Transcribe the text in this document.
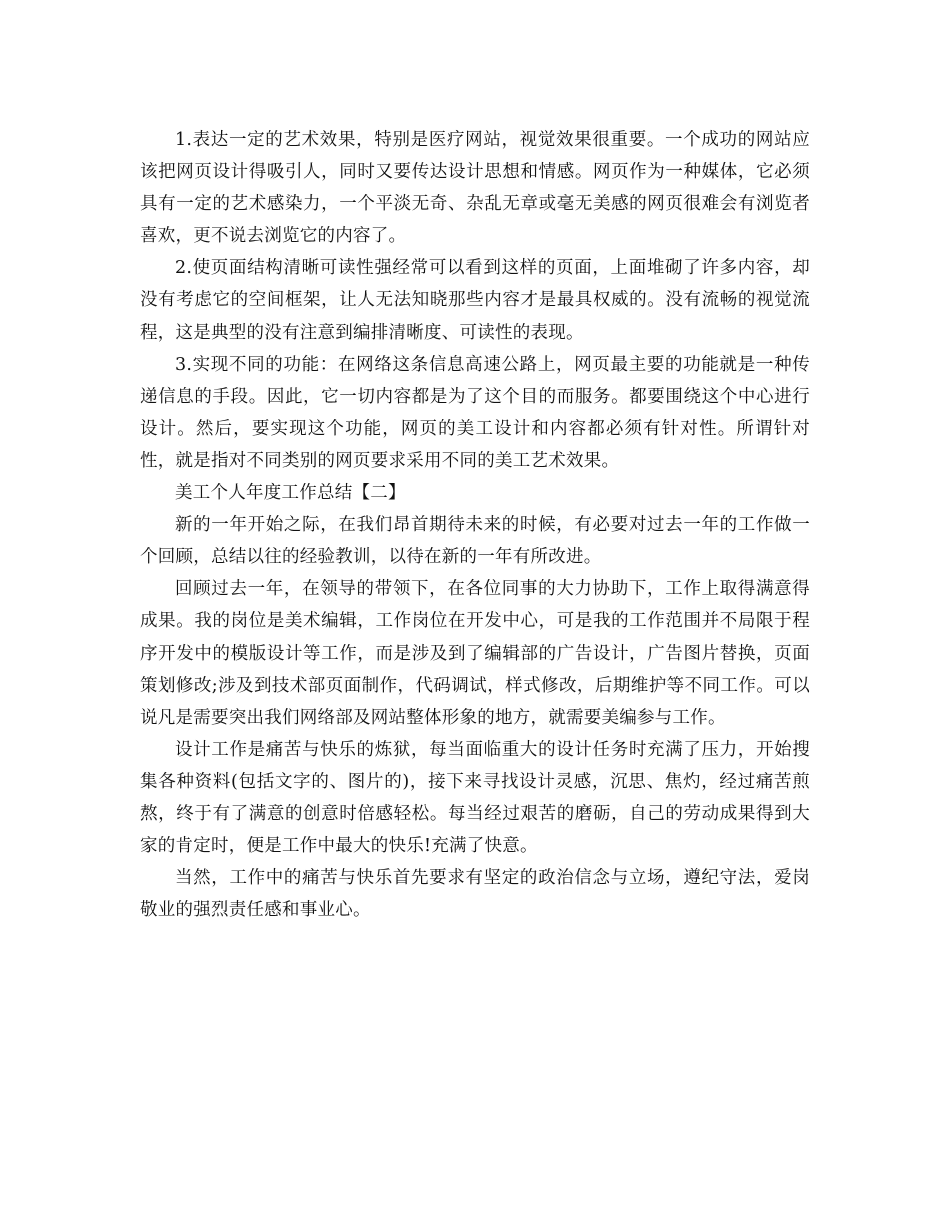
1.表达一定的艺术效果，特别是医疗网站，视觉效果很重要。一个成功的网站应该把网页设计得吸引人，同时又要传达设计思想和情感。网页作为一种媒体，它必须具有一定的艺术感染力，一个平淡无奇、杂乱无章或毫无美感的网页很难会有浏览者喜欢，更不说去浏览它的内容了。

2.使页面结构清晰可读性强经常可以看到这样的页面，上面堆砌了许多内容，却没有考虑它的空间框架，让人无法知晓那些内容才是最具权威的。没有流畅的视觉流程，这是典型的没有注意到编排清晰度、可读性的表现。

3.实现不同的功能：在网络这条信息高速公路上，网页最主要的功能就是一种传递信息的手段。因此，它一切内容都是为了这个目的而服务。都要围绕这个中心进行设计。然后，要实现这个功能，网页的美工设计和内容都必须有针对性。所谓针对性，就是指对不同类别的网页要求采用不同的美工艺术效果。

美工个人年度工作总结【二】

新的一年开始之际，在我们昂首期待未来的时候，有必要对过去一年的工作做一个回顾，总结以往的经验教训，以待在新的一年有所改进。

回顾过去一年，在领导的带领下，在各位同事的大力协助下，工作上取得满意得成果。我的岗位是美术编辑，工作岗位在开发中心，可是我的工作范围并不局限于程序开发中的模版设计等工作，而是涉及到了编辑部的广告设计，广告图片替换，页面策划修改;涉及到技术部页面制作，代码调试，样式修改，后期维护等不同工作。可以说凡是需要突出我们网络部及网站整体形象的地方，就需要美编参与工作。

设计工作是痛苦与快乐的炼狱，每当面临重大的设计任务时充满了压力，开始搜集各种资料(包括文字的、图片的)，接下来寻找设计灵感，沉思、焦灼，经过痛苦煎熬，终于有了满意的创意时倍感轻松。每当经过艰苦的磨砺，自己的劳动成果得到大家的肯定时，便是工作中最大的快乐!充满了快意。

当然，工作中的痛苦与快乐首先要求有坚定的政治信念与立场，遵纪守法，爱岗敬业的强烈责任感和事业心。
